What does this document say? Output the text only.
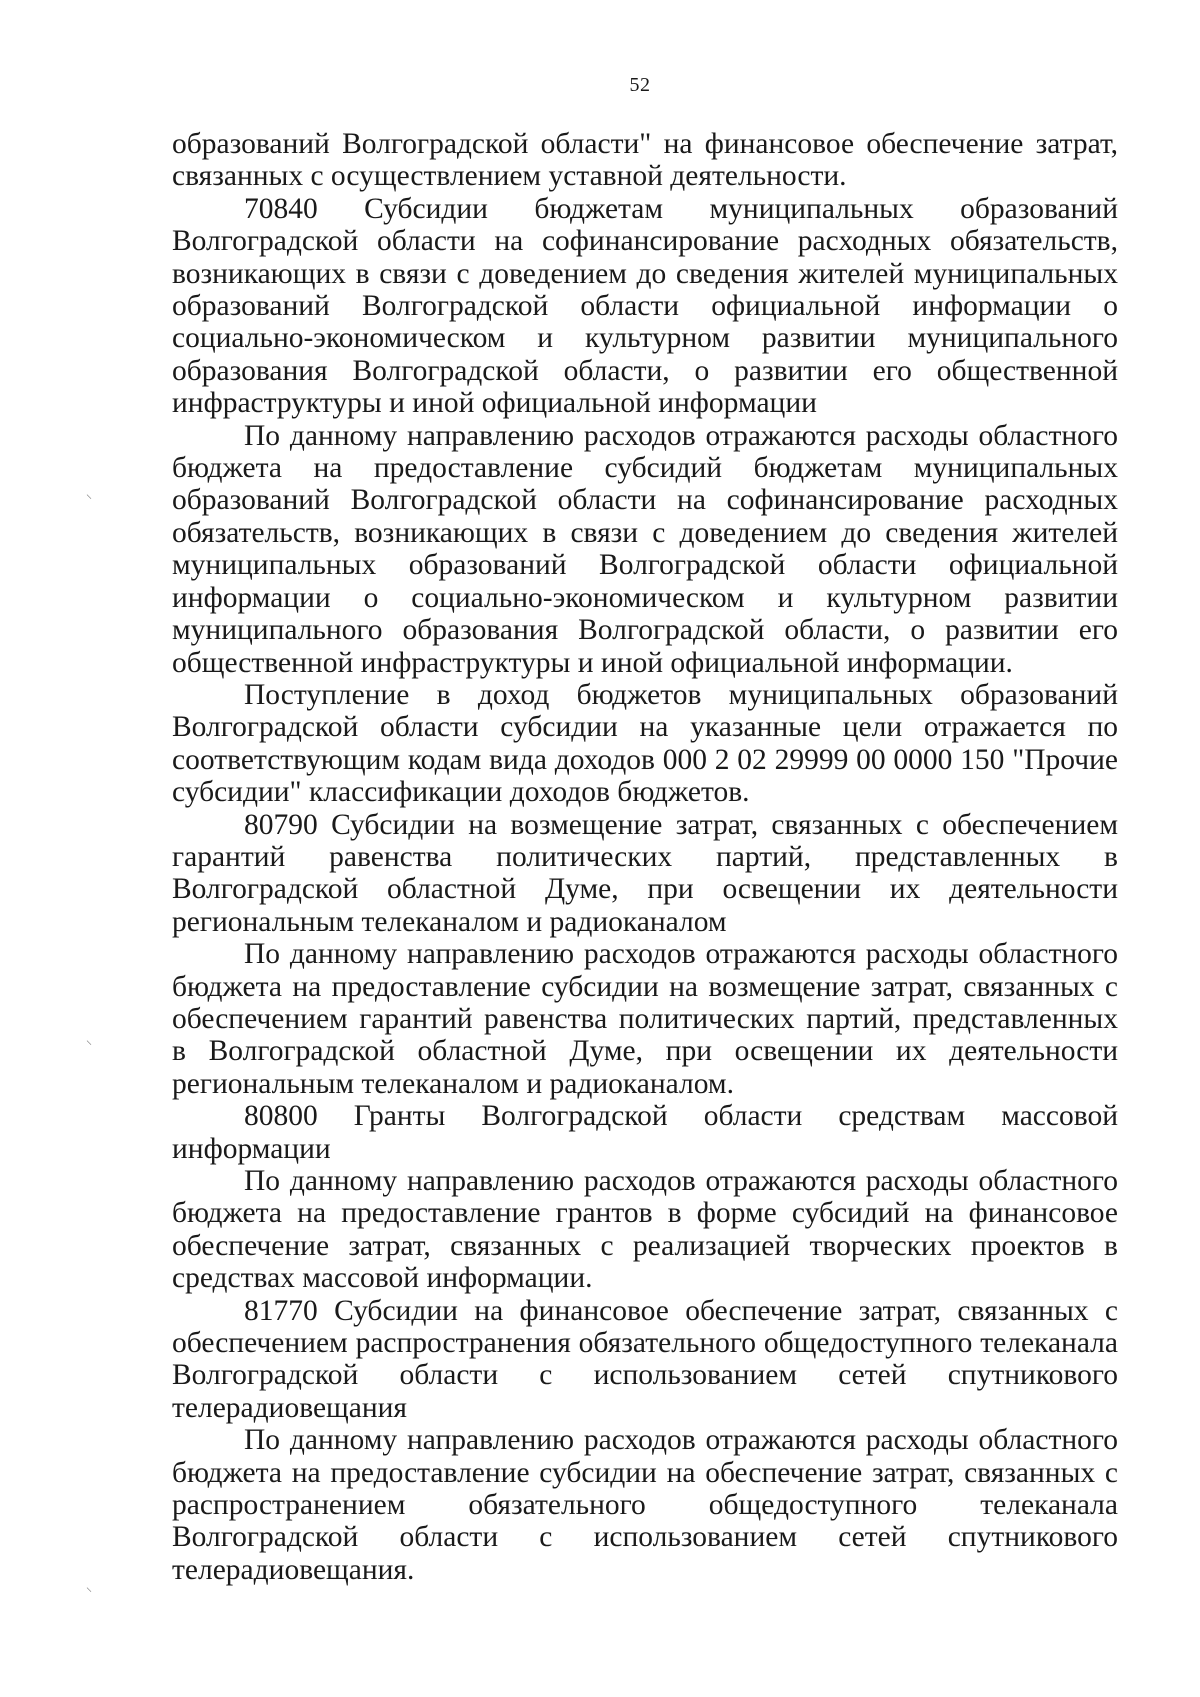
52

образований Волгоградской области" на финансовое обеспечение затрат, связанных с осуществлением уставной деятельности.

70840 Субсидии бюджетам муниципальных образований Волгоградской области на софинансирование расходных обязательств, возникающих в связи с доведением до сведения жителей муниципальных образований Волгоградской области официальной информации о социально-экономическом и культурном развитии муниципального образования Волгоградской области, о развитии его общественной инфраструктуры и иной официальной информации

По данному направлению расходов отражаются расходы областного бюджета на предоставление субсидий бюджетам муниципальных образований Волгоградской области на софинансирование расходных обязательств, возникающих в связи с доведением до сведения жителей муниципальных образований Волгоградской области официальной информации о социально-экономическом и культурном развитии муниципального образования Волгоградской области, о развитии его общественной инфраструктуры и иной официальной информации.

Поступление в доход бюджетов муниципальных образований Волгоградской области субсидии на указанные цели отражается по соответствующим кодам вида доходов 000 2 02 29999 00 0000 150 "Прочие субсидии" классификации доходов бюджетов.

80790 Субсидии на возмещение затрат, связанных с обеспечением гарантий равенства политических партий, представленных в Волгоградской областной Думе, при освещении их деятельности региональным телеканалом и радиоканалом

По данному направлению расходов отражаются расходы областного бюджета на предоставление субсидии на возмещение затрат, связанных с обеспечением гарантий равенства политических партий, представленных в Волгоградской областной Думе, при освещении их деятельности региональным телеканалом и радиоканалом.

80800 Гранты Волгоградской области средствам массовой информации

По данному направлению расходов отражаются расходы областного бюджета на предоставление грантов в форме субсидий на финансовое обеспечение затрат, связанных с реализацией творческих проектов в средствах массовой информации.

81770 Субсидии на финансовое обеспечение затрат, связанных с обеспечением распространения обязательного общедоступного телеканала Волгоградской области с использованием сетей спутникового телерадиовещания

По данному направлению расходов отражаются расходы областного бюджета на предоставление субсидии на обеспечение затрат, связанных с распространением обязательного общедоступного телеканала Волгоградской области с использованием сетей спутникового телерадиовещания.

⸌
⸌
⸌
